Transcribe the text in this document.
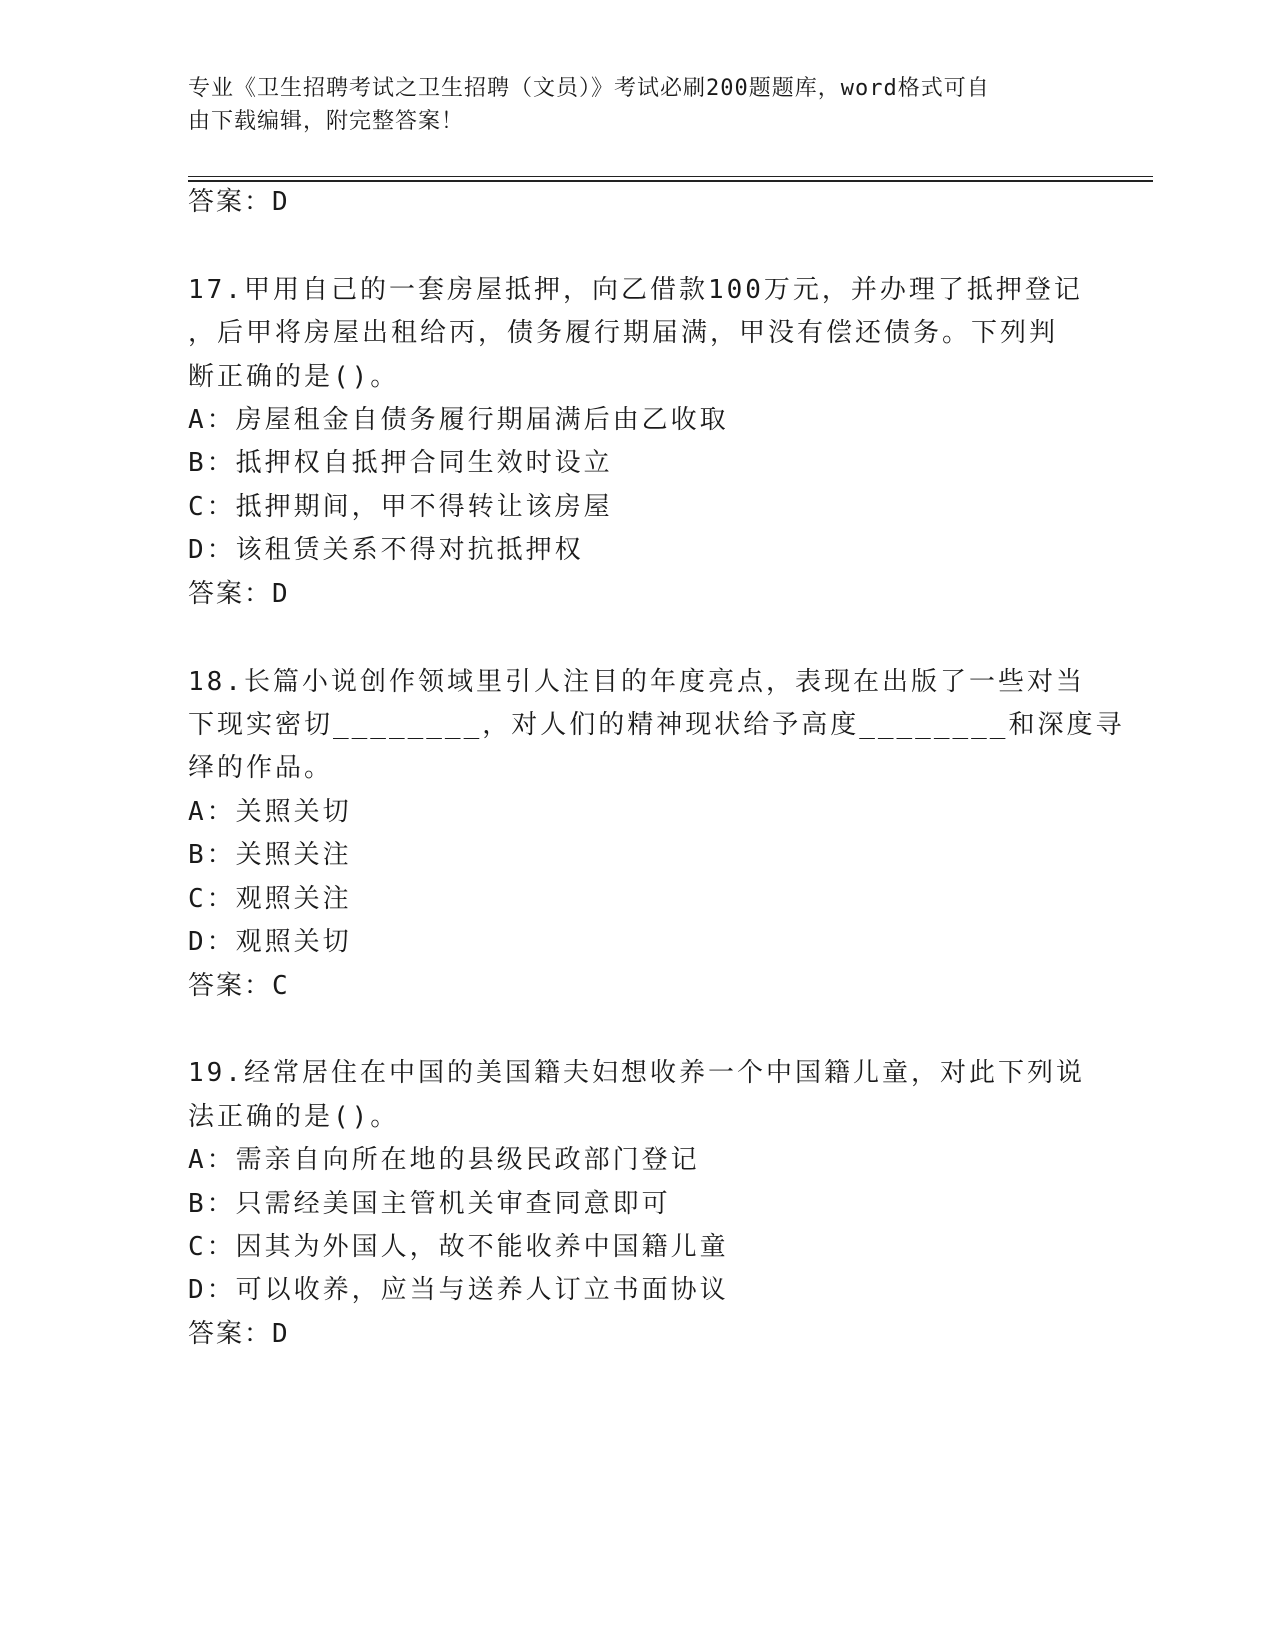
专业《卫生招聘考试之卫生招聘（文员）》考试必刷200题题库，word格式可自
由下载编辑，附完整答案！
答案：D
17.甲用自己的一套房屋抵押，向乙借款100万元，并办理了抵押登记
，后甲将房屋出租给丙，债务履行期届满，甲没有偿还债务。下列判
断正确的是()。
A：房屋租金自债务履行期届满后由乙收取
B：抵押权自抵押合同生效时设立
C：抵押期间，甲不得转让该房屋
D：该租赁关系不得对抗抵押权
答案：D
18.长篇小说创作领域里引人注目的年度亮点，表现在出版了一些对当
下现实密切________，对人们的精神现状给予高度________和深度寻
绎的作品。
A：关照关切
B：关照关注
C：观照关注
D：观照关切
答案：C
19.经常居住在中国的美国籍夫妇想收养一个中国籍儿童，对此下列说
法正确的是()。
A：需亲自向所在地的县级民政部门登记
B：只需经美国主管机关审查同意即可
C：因其为外国人，故不能收养中国籍儿童
D：可以收养，应当与送养人订立书面协议
答案：D
